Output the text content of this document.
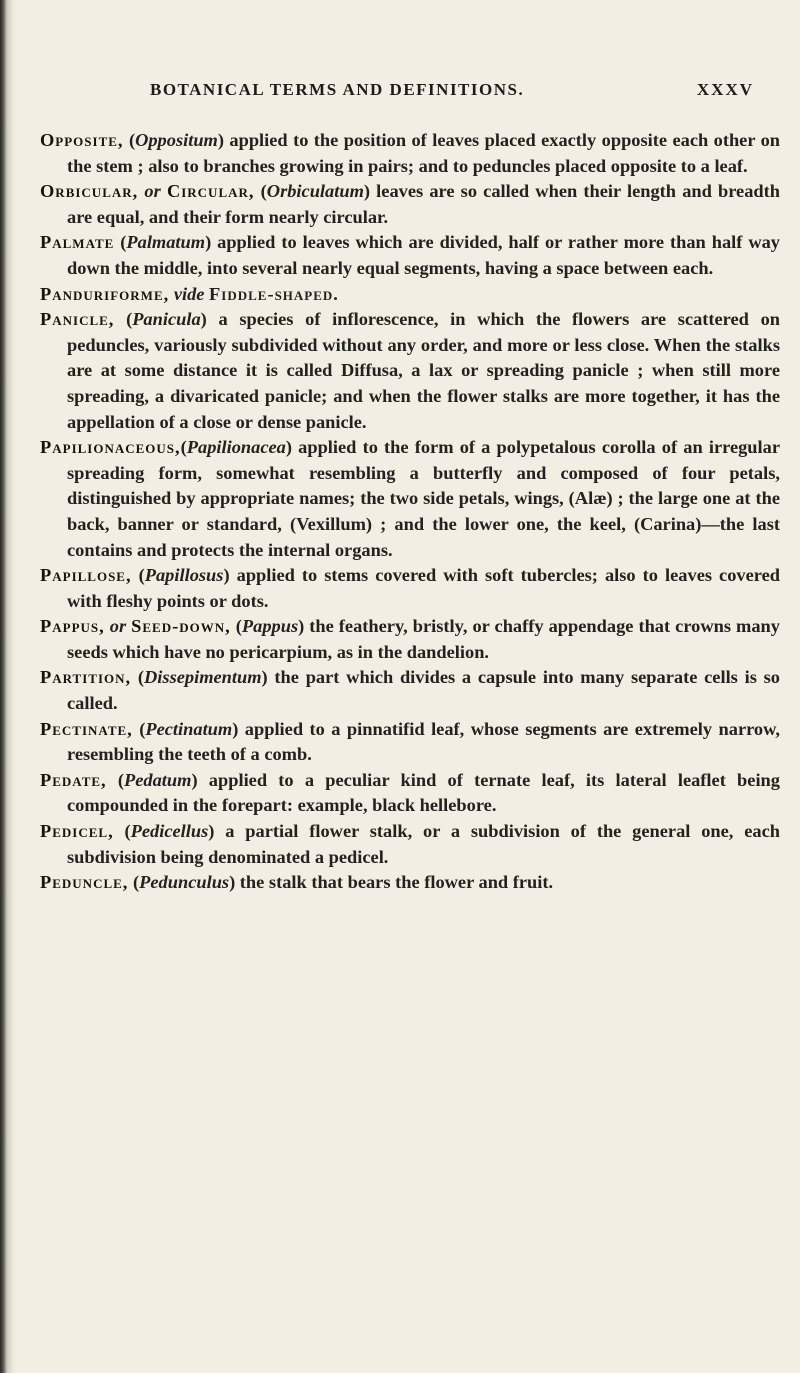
BOTANICAL TERMS AND DEFINITIONS.	XXXV

Opposite, (Oppositum) applied to the position of leaves placed exactly opposite each other on the stem ; also to branches growing in pairs; and to peduncles placed opposite to a leaf.

Orbicular, or Circular, (Orbiculatum) leaves are so called when their length and breadth are equal, and their form nearly circular.

Palmate (Palmatum) applied to leaves which are divided, half or rather more than half way down the middle, into several nearly equal segments, having a space between each.

Panduriforme, vide Fiddle-shaped.

Panicle, (Panicula) a species of inflorescence, in which the flowers are scattered on peduncles, variously subdivided without any order, and more or less close. When the stalks are at some distance it is called Diffusa, a lax or spreading panicle ; when still more spreading, a divaricated panicle; and when the flower stalks are more together, it has the appellation of a close or dense panicle.

Papilionaceous,(Papilionacea) applied to the form of a polypetalous corolla of an irregular spreading form, somewhat resembling a butterfly and composed of four petals, distinguished by appropriate names; the two side petals, wings, (Alæ) ; the large one at the back, banner or standard, (Vexillum) ; and the lower one, the keel, (Carina)—the last contains and protects the internal organs.

Papillose, (Papillosus) applied to stems covered with soft tubercles; also to leaves covered with fleshy points or dots.

Pappus, or Seed-down, (Pappus) the feathery, bristly, or chaffy appendage that crowns many seeds which have no pericarpium, as in the dandelion.

Partition, (Dissepimentum) the part which divides a capsule into many separate cells is so called.

Pectinate, (Pectinatum) applied to a pinnatifid leaf, whose segments are extremely narrow, resembling the teeth of a comb.

Pedate, (Pedatum) applied to a peculiar kind of ternate leaf, its lateral leaflet being compounded in the forepart: example, black hellebore.

Pedicel, (Pedicellus) a partial flower stalk, or a subdivision of the general one, each subdivision being denominated a pedicel.

Peduncle, (Pedunculus) the stalk that bears the flower and fruit.
